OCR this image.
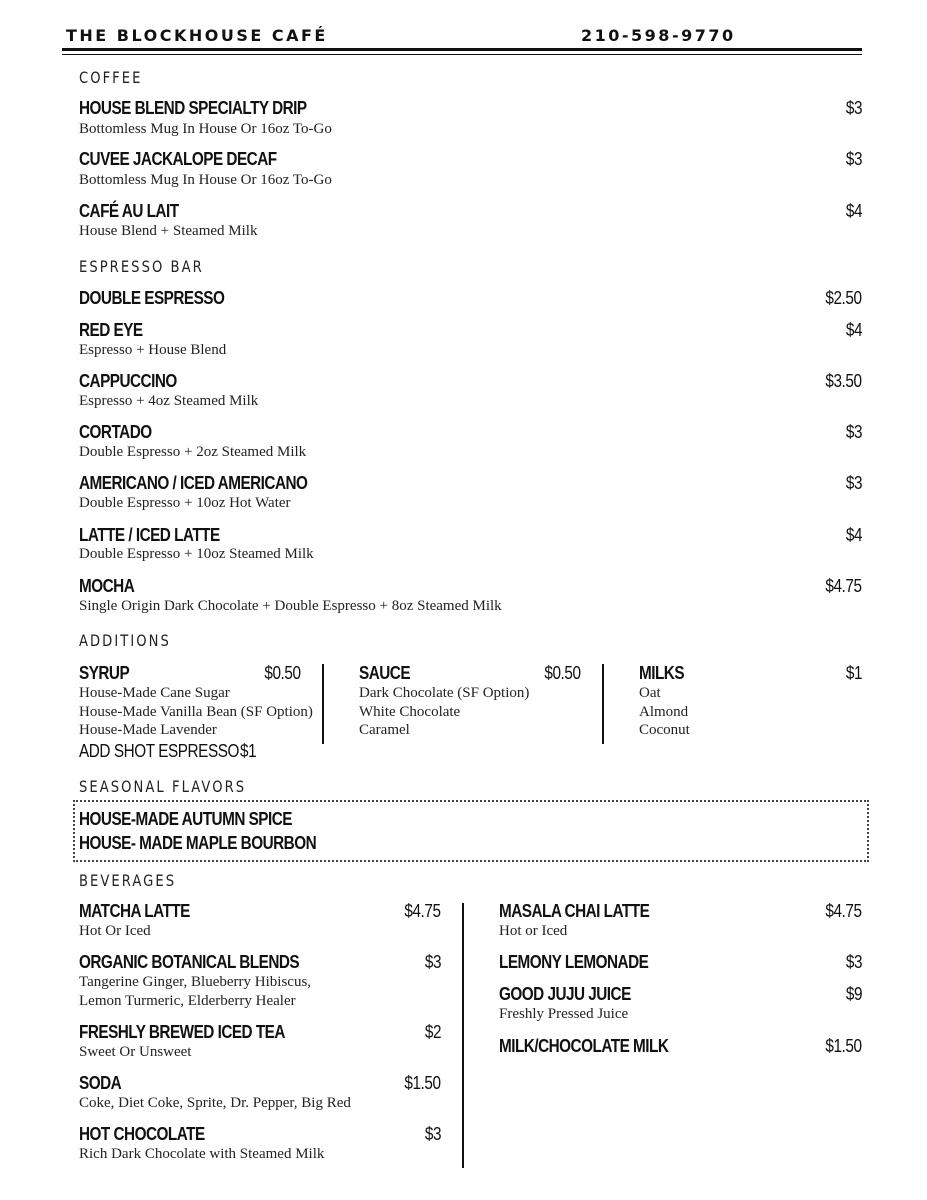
THE BLOCKHOUSE CAFÉ	210-598-9770
COFFEE
HOUSE BLEND SPECIALTY DRIP	$3
Bottomless Mug In House Or 16oz To-Go
CUVEE JACKALOPE DECAF	$3
Bottomless Mug In House Or 16oz To-Go
CAFÉ AU LAIT	$4
House Blend + Steamed Milk
ESPRESSO BAR
DOUBLE ESPRESSO	$2.50
RED EYE	$4
Espresso + House Blend
CAPPUCCINO	$3.50
Espresso + 4oz Steamed Milk
CORTADO	$3
Double Espresso + 2oz Steamed Milk
AMERICANO / ICED AMERICANO	$3
Double Espresso + 10oz Hot Water
LATTE / ICED LATTE	$4
Double Espresso + 10oz Steamed Milk
MOCHA	$4.75
Single Origin Dark Chocolate + Double Espresso + 8oz Steamed Milk
ADDITIONS
SYRUP	$0.50
House-Made Cane Sugar
House-Made Vanilla Bean (SF Option)
House-Made Lavender
SAUCE	$0.50
Dark Chocolate (SF Option)
White Chocolate
Caramel
MILKS	$1
Oat
Almond
Coconut
ADD SHOT ESPRESSO $1
SEASONAL FLAVORS
HOUSE-MADE AUTUMN SPICE
HOUSE- MADE MAPLE BOURBON
BEVERAGES
MATCHA LATTE	$4.75
Hot Or Iced
ORGANIC BOTANICAL BLENDS	$3
Tangerine Ginger, Blueberry Hibiscus,
Lemon Turmeric, Elderberry Healer
FRESHLY BREWED ICED TEA	$2
Sweet Or Unsweet
SODA	$1.50
Coke, Diet Coke, Sprite, Dr. Pepper, Big Red
HOT CHOCOLATE	$3
Rich Dark Chocolate with Steamed Milk
MASALA CHAI LATTE	$4.75
Hot or Iced
LEMONY LEMONADE	$3
GOOD JUJU JUICE	$9
Freshly Pressed Juice
MILK/CHOCOLATE MILK	$1.50
